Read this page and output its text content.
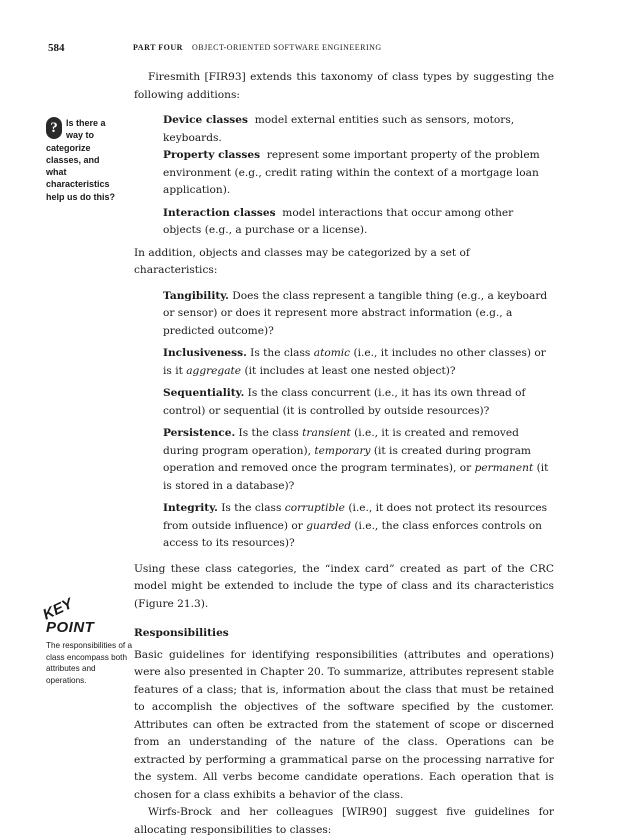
584	PART FOUR OBJECT-ORIENTED SOFTWARE ENGINEERING
? Is there a way to categorize classes, and what characteristics help us do this?
KEY
POINT
The responsibilities of a class encompass both attributes and operations.

Firesmith [FIR93] extends this taxonomy of class types by suggesting the following additions:

Device classes model external entities such as sensors, motors, keyboards.

Property classes represent some important property of the problem environment (e.g., credit rating within the context of a mortgage loan application).

Interaction classes model interactions that occur among other objects (e.g., a purchase or a license).

In addition, objects and classes may be categorized by a set of characteristics:

Tangibility. Does the class represent a tangible thing (e.g., a keyboard or sensor) or does it represent more abstract information (e.g., a predicted outcome)?

Inclusiveness. Is the class atomic (i.e., it includes no other classes) or is it aggregate (it includes at least one nested object)?

Sequentiality. Is the class concurrent (i.e., it has its own thread of control) or sequential (it is controlled by outside resources)?

Persistence. Is the class transient (i.e., it is created and removed during program operation), temporary (it is created during program operation and removed once the program terminates), or permanent (it is stored in a database)?

Integrity. Is the class corruptible (i.e., it does not protect its resources from outside influence) or guarded (i.e., the class enforces controls on access to its resources)?

Using these class categories, the “index card” created as part of the CRC model might be extended to include the type of class and its characteristics (Figure 21.3).

Responsibilities

Basic guidelines for identifying responsibilities (attributes and operations) were also presented in Chapter 20. To summarize, attributes represent stable features of a class; that is, information about the class that must be retained to accomplish the objectives of the software specified by the customer. Attributes can often be extracted from the statement of scope or discerned from an understanding of the nature of the class. Operations can be extracted by performing a grammatical parse on the processing narrative for the system. All verbs become candidate operations. Each operation that is chosen for a class exhibits a behavior of the class.

Wirfs-Brock and her colleagues [WIR90] suggest five guidelines for allocating responsibilities to classes:
